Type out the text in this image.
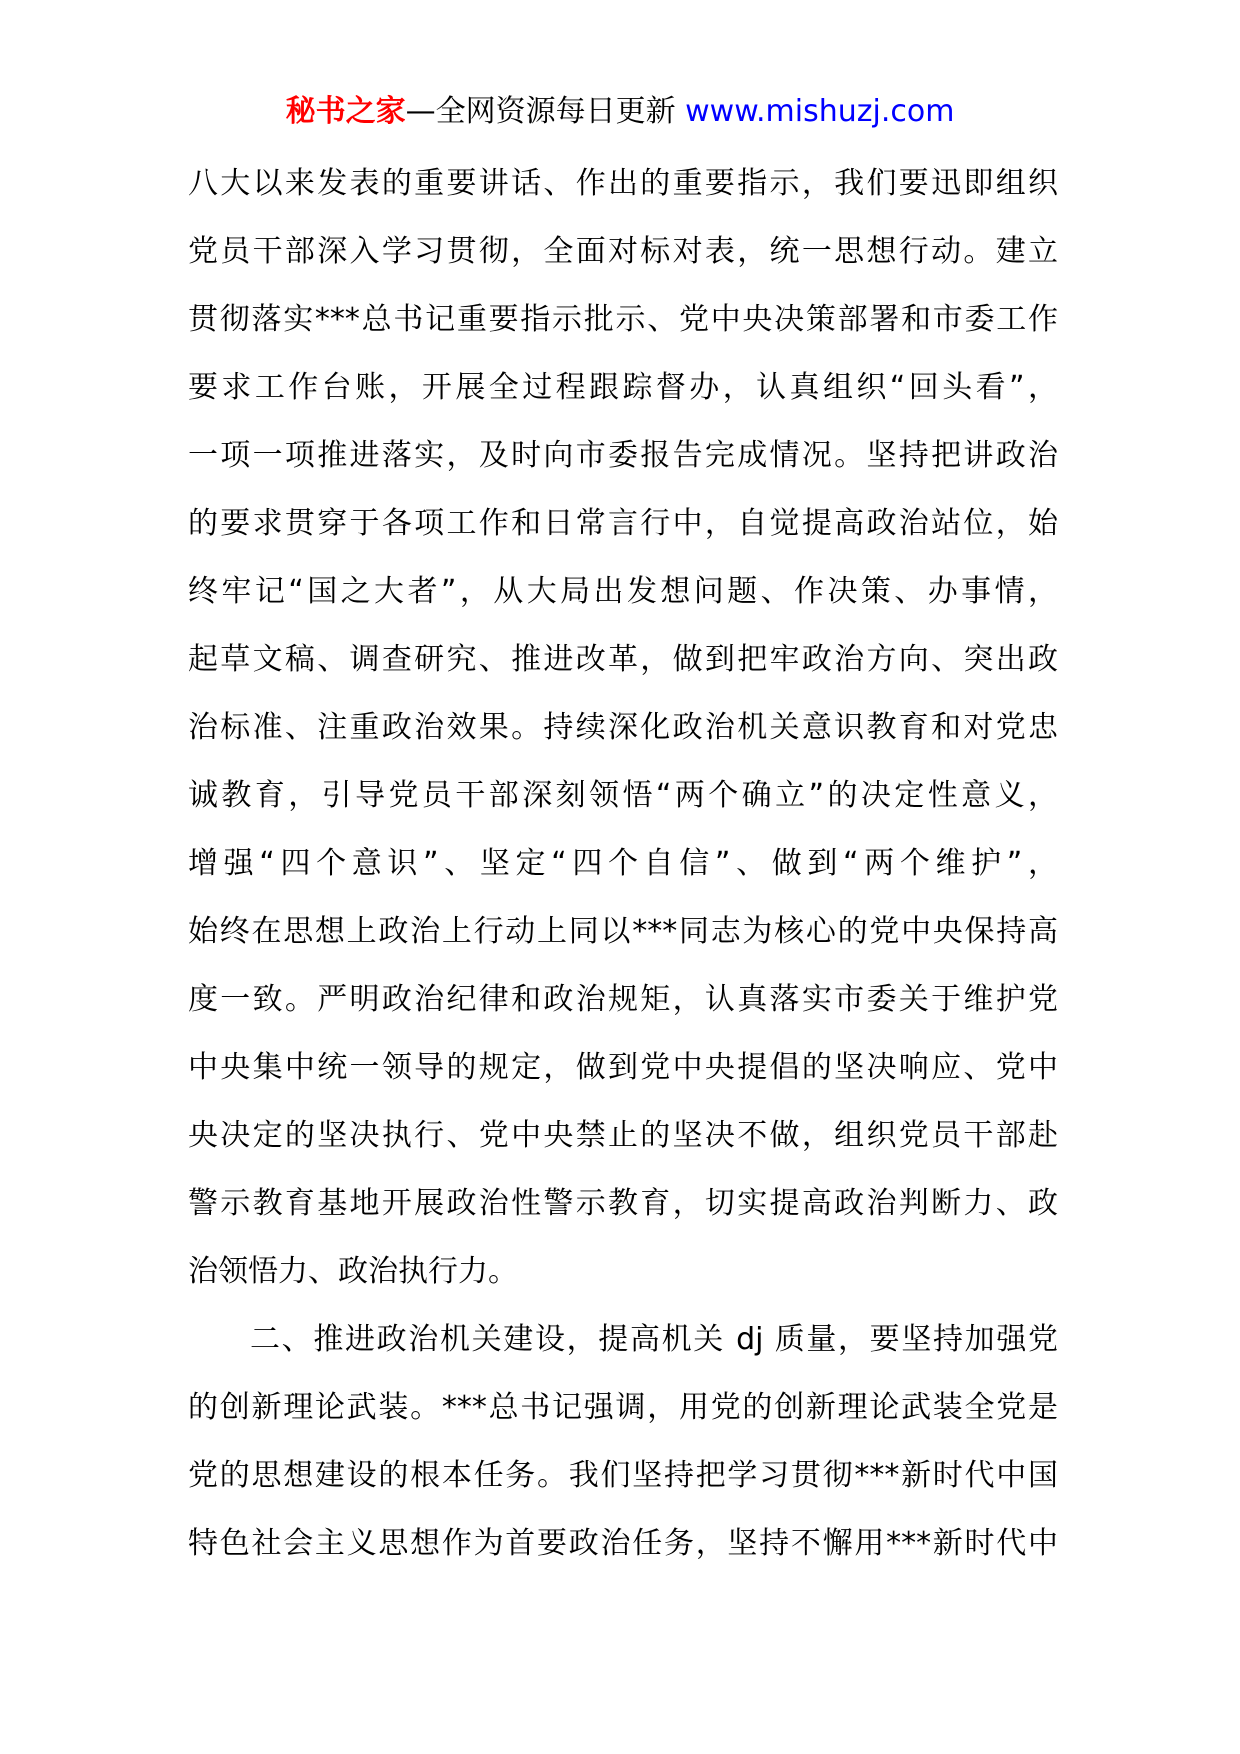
秘书之家—全网资源每日更新 www.mishuzj.com
八大以来发表的重要讲话、作出的重要指示，我们要迅即组织
党员干部深入学习贯彻，全面对标对表，统一思想行动。建立
贯彻落实***总书记重要指示批示、党中央决策部署和市委工作
要求工作台账，开展全过程跟踪督办，认真组织“回头看”，
一项一项推进落实，及时向市委报告完成情况。坚持把讲政治
的要求贯穿于各项工作和日常言行中，自觉提高政治站位，始
终牢记“国之大者”，从大局出发想问题、作决策、办事情，
起草文稿、调查研究、推进改革，做到把牢政治方向、突出政
治标准、注重政治效果。持续深化政治机关意识教育和对党忠
诚教育，引导党员干部深刻领悟“两个确立”的决定性意义，
增强“四个意识”、坚定“四个自信”、做到“两个维护”，
始终在思想上政治上行动上同以***同志为核心的党中央保持高
度一致。严明政治纪律和政治规矩，认真落实市委关于维护党
中央集中统一领导的规定，做到党中央提倡的坚决响应、党中
央决定的坚决执行、党中央禁止的坚决不做，组织党员干部赴
警示教育基地开展政治性警示教育，切实提高政治判断力、政
治领悟力、政治执行力。
二、推进政治机关建设，提高机关 dj 质量，要坚持加强党
的创新理论武装。***总书记强调，用党的创新理论武装全党是
党的思想建设的根本任务。我们坚持把学习贯彻***新时代中国
特色社会主义思想作为首要政治任务，坚持不懈用***新时代中
